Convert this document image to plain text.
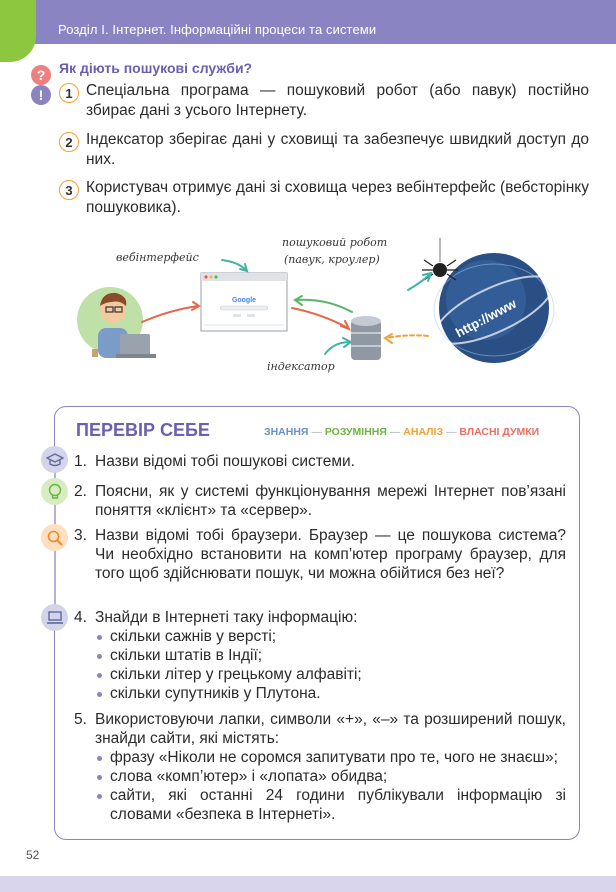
Розділ І. Інтернет. Інформаційні процеси та системи
?
!
Як діють пошукові служби?
1 Спеціальна програма — пошуковий робот (або павук) постійно збирає дані з усього Інтернету.
2 Індексатор зберігає дані у сховищі та забезпечує швидкий доступ до них.
3 Користувач отримує дані зі сховища через вебінтерфейс (вебсторінку пошуковика).
Google	http://www
вебінтерфейс
пошуковий робот
(павук, кроулер)
індексатор
ПЕРЕВІР СЕБЕ	ЗНАННЯ — РОЗУМІННЯ — АНАЛІЗ — ВЛАСНІ ДУМКИ
1. Назви відомі тобі пошукові системи.
2. Поясни, як у системі функціонування мережі Інтернет пов’язані поняття «клієнт» та «сервер».
3. Назви відомі тобі браузери. Браузер — це пошукова система? Чи необхідно встановити на комп’ютер програму браузер, для того щоб здійснювати пошук, чи можна обійтися без неї?
4. Знайди в Інтернеті таку інформацію:
скільки сажнів у версті;
скільки штатів в Індії;
скільки літер у грецькому алфавіті;
скільки супутників у Плутона.
5. Використовуючи лапки, символи «+», «–» та розширений пошук, знайди сайти, які містять:
фразу «Ніколи не соромся запитувати про те, чого не знаєш»;
слова «комп’ютер» і «лопата» обидва;
сайти, які останні 24 години публікували інформацію зі словами «безпека в Інтернеті».
52
